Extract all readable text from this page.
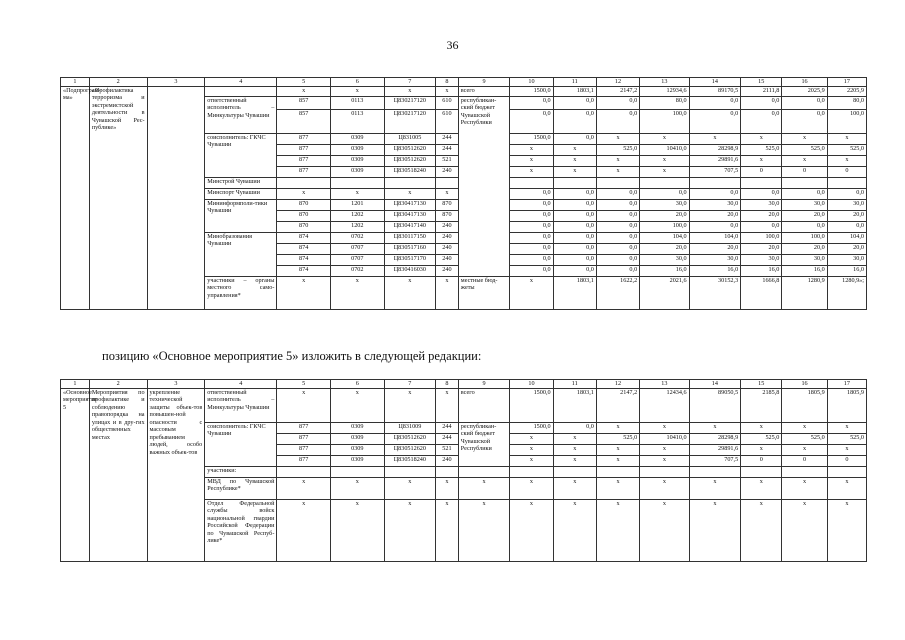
36
1	2	3	4	5	6	7	8	9	10	11	12	13	14	15	16	17
«Подпрограм-ма»	«Профилактика терроризма и экстремистской деятельности в Чувашской Рес-публике»			x	x	x	x	всего	1500,0	1803,1	2147,2	12934,6	89170,5	2111,8	2025,9	2205,9
			ответственный исполнитель – Минкультуры Чувашии	857	0113	Ц830217120	610	республикан-ский бюджет Чувашской Республики	0,0	0,0	0,0	80,0	0,0	0,0	0,0	80,0
				857	0113	Ц830217120	610		0,0	0,0	0,0	100,0	0,0	0,0	0,0	100,0
			соисполнитель: ГКЧС Чувашии	877	0309	Ц831005	244		1500,0	0,0	x	x	x	x	x	x
				877	0309	Ц830512620	244		x	x	525,0	10410,0	28298,9	525,0	525,0	525,0
				877	0309	Ц830512620	521		x	x	x	x	29891,6	x	x	x
				877	0309	Ц830518240	240		x	x	x	x	707,5	0	0	0
			Минстрой Чувашии													
			Минспорт Чувашии	x	x	x	x		0,0	0,0	0,0	0,0	0,0	0,0	0,0	0,0
			Мининформполи-тики Чувашии	870	1201	Ц830417130	870		0,0	0,0	0,0	30,0	30,0	30,0	30,0	30,0
				870	1202	Ц830417130	870		0,0	0,0	0,0	20,0	20,0	20,0	20,0	20,0
				870	1202	Ц830417140	240		0,0	0,0	0,0	100,0	0,0	0,0	0,0	0,0
			Минобразования Чувашии	874	0702	Ц830117150	240		0,0	0,0	0,0	104,0	104,0	100,0	100,0	104,0
				874	0707	Ц830517160	240		0,0	0,0	0,0	20,0	20,0	20,0	20,0	20,0
				874	0707	Ц830517170	240		0,0	0,0	0,0	30,0	30,0	30,0	30,0	30,0
				874	0702	Ц830416030	240		0,0	0,0	0,0	16,0	16,0	16,0	16,0	16,0
			участники – органы местного само-управления*	x	x	x	x	местные бюд-жеты	x	1803,1	1622,2	2021,6	30152,3	1666,8	1280,9	1280,9»;
позицию «Основное мероприятие 5» изложить в следующей редакции:
1	2	3	4	5	6	7	8	9	10	11	12	13	14	15	16	17
«Основное мероприятие 5	Мероприятия по профилактике и соблюдению правопорядка на улицах и в дру-гих общественных местах	укрепление технической защиты объек-тов повышен-ной опасности с массовым пребыванием людей, особо важных объек-тов	ответственный исполнитель – Минкультуры Чувашии	x	x	x	x	всего	1500,0	1803,1	2147,2	12434,6	89050,5	2185,8	1805,9	1805,9
			соисполнитель: ГКЧС Чувашии	877	0309	Ц831009	244	республикан-ский бюджет Чувашской Республики	1500,0	0,0	x	x	x	x	x	x
				877	0309	Ц830512620	244		x	x	525,0	10410,0	28298,9	525,0	525,0	525,0
				877	0309	Ц830512620	521		x	x	x	x	29891,6	x	x	x
				877	0309	Ц830518240	240		x	x	x	x	707,5	0	0	0
			участники:													
			МВД по Чувашской Республике*	x	x	x	x	x	x	x	x	x	x	x	x	x
			Отдел Федеральной службы войск национальной гвардии Российской Федерации по Чувашской Респуб-лике*	x	x	x	x	x	x	x	x	x	x	x	x	x
